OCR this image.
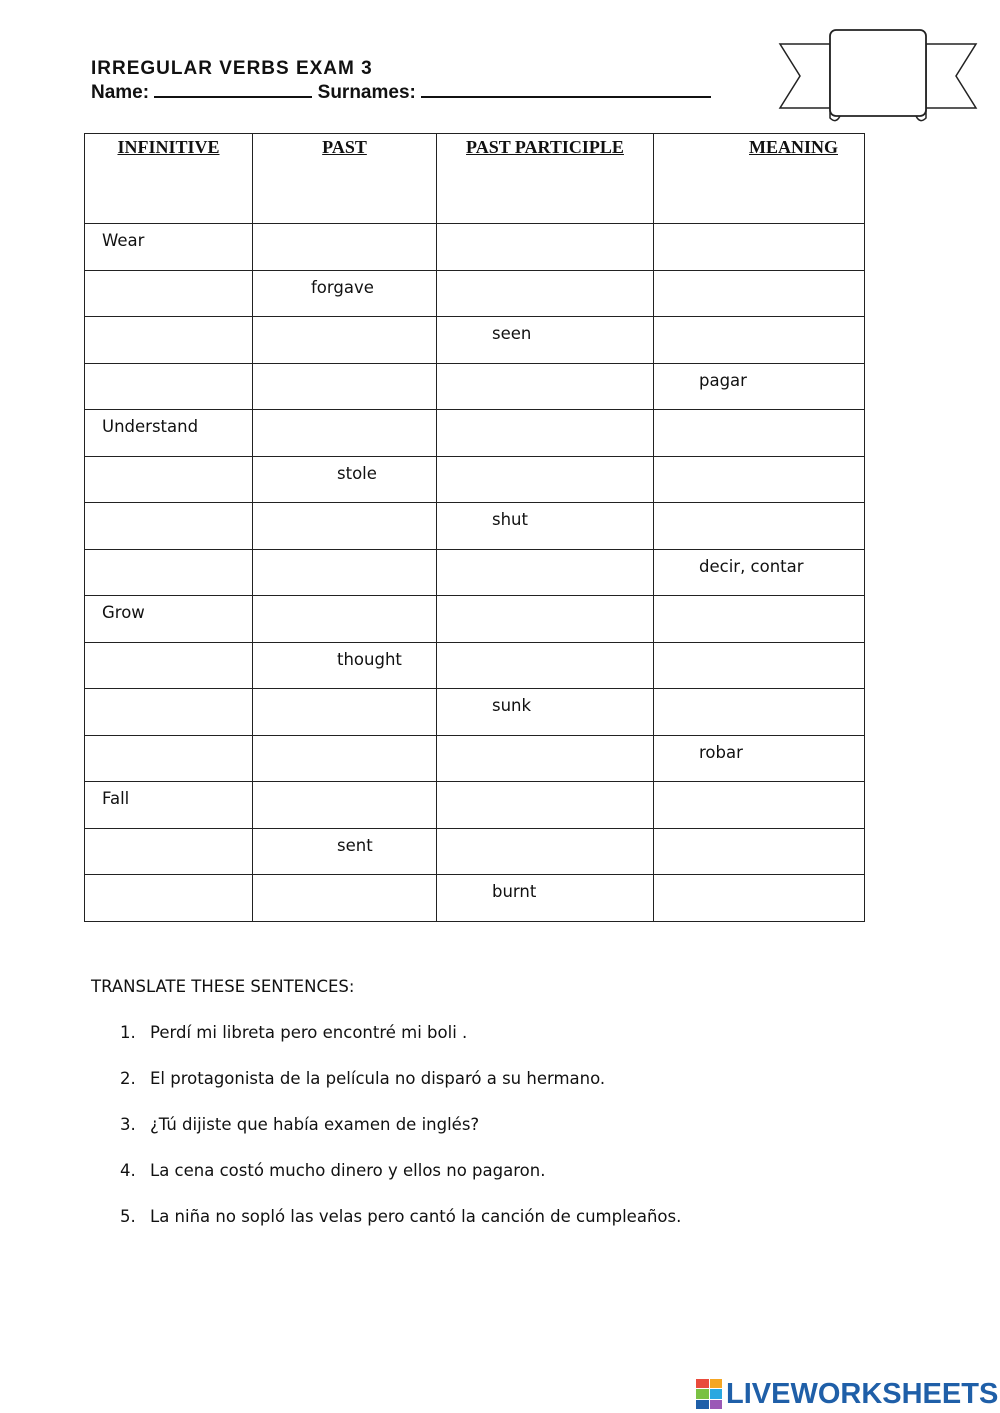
IRREGULAR VERBS EXAM 3
Name:	Surnames:
INFINITIVE	PAST	PAST PARTICIPLE	MEANING

Wear			

	forgave		

		seen	

			pagar

Understand			

	stole		

		shut	

			decir, contar

Grow			

	thought		

		sunk	

			robar

Fall			

	sent		

		burnt	

TRANSLATE THESE SENTENCES:
1. Perdí mi libreta pero encontré mi boli .
2. El protagonista de la película no disparó a su hermano.
3. ¿Tú dijiste que había examen de inglés?
4. La cena costó mucho dinero y ellos no pagaron.
5. La niña no sopló las velas pero cantó la canción de cumpleaños.
LIVEWORKSHEETS
